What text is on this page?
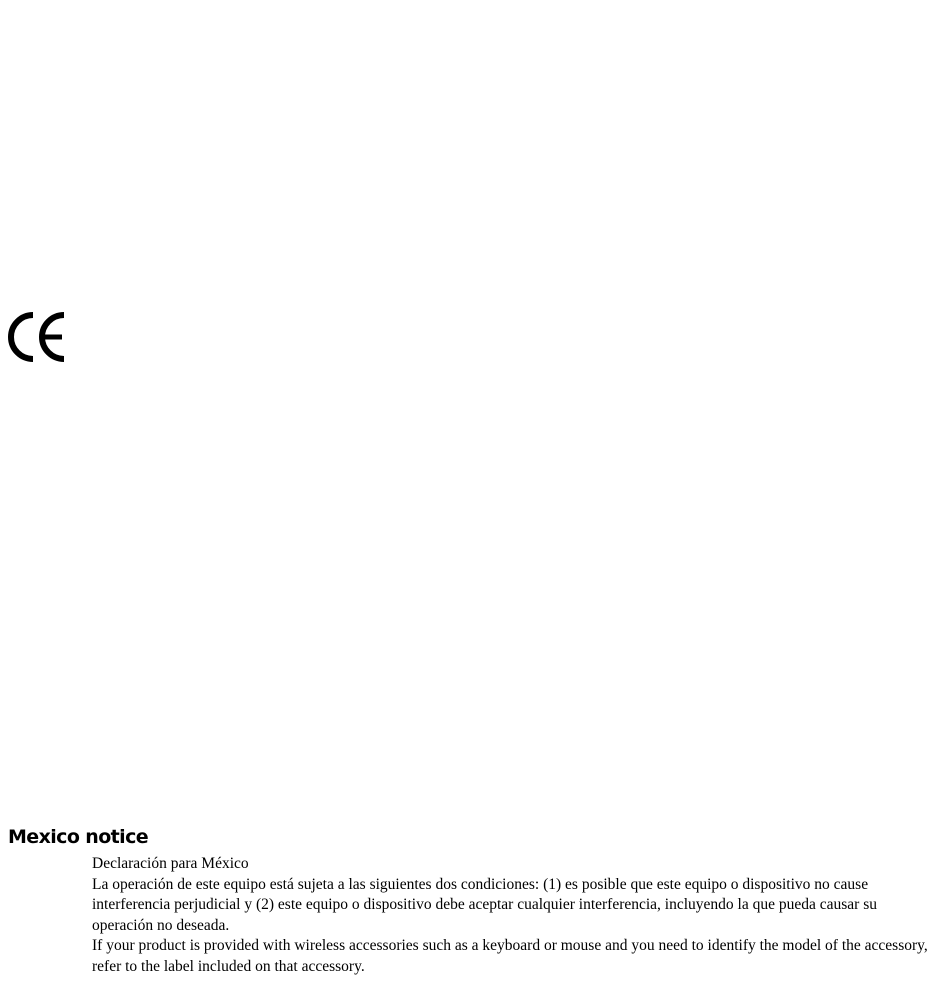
Mexico notice

Declaración para México

La operación de este equipo está sujeta a las siguientes dos condiciones: (1) es posible que este equipo o dispositivo no cause interferencia perjudicial y (2) este equipo o dispositivo debe aceptar cualquier interferencia, incluyendo la que pueda causar su operación no deseada.

If your product is provided with wireless accessories such as a keyboard or mouse and you need to identify the model of the accessory, refer to the label included on that accessory.
